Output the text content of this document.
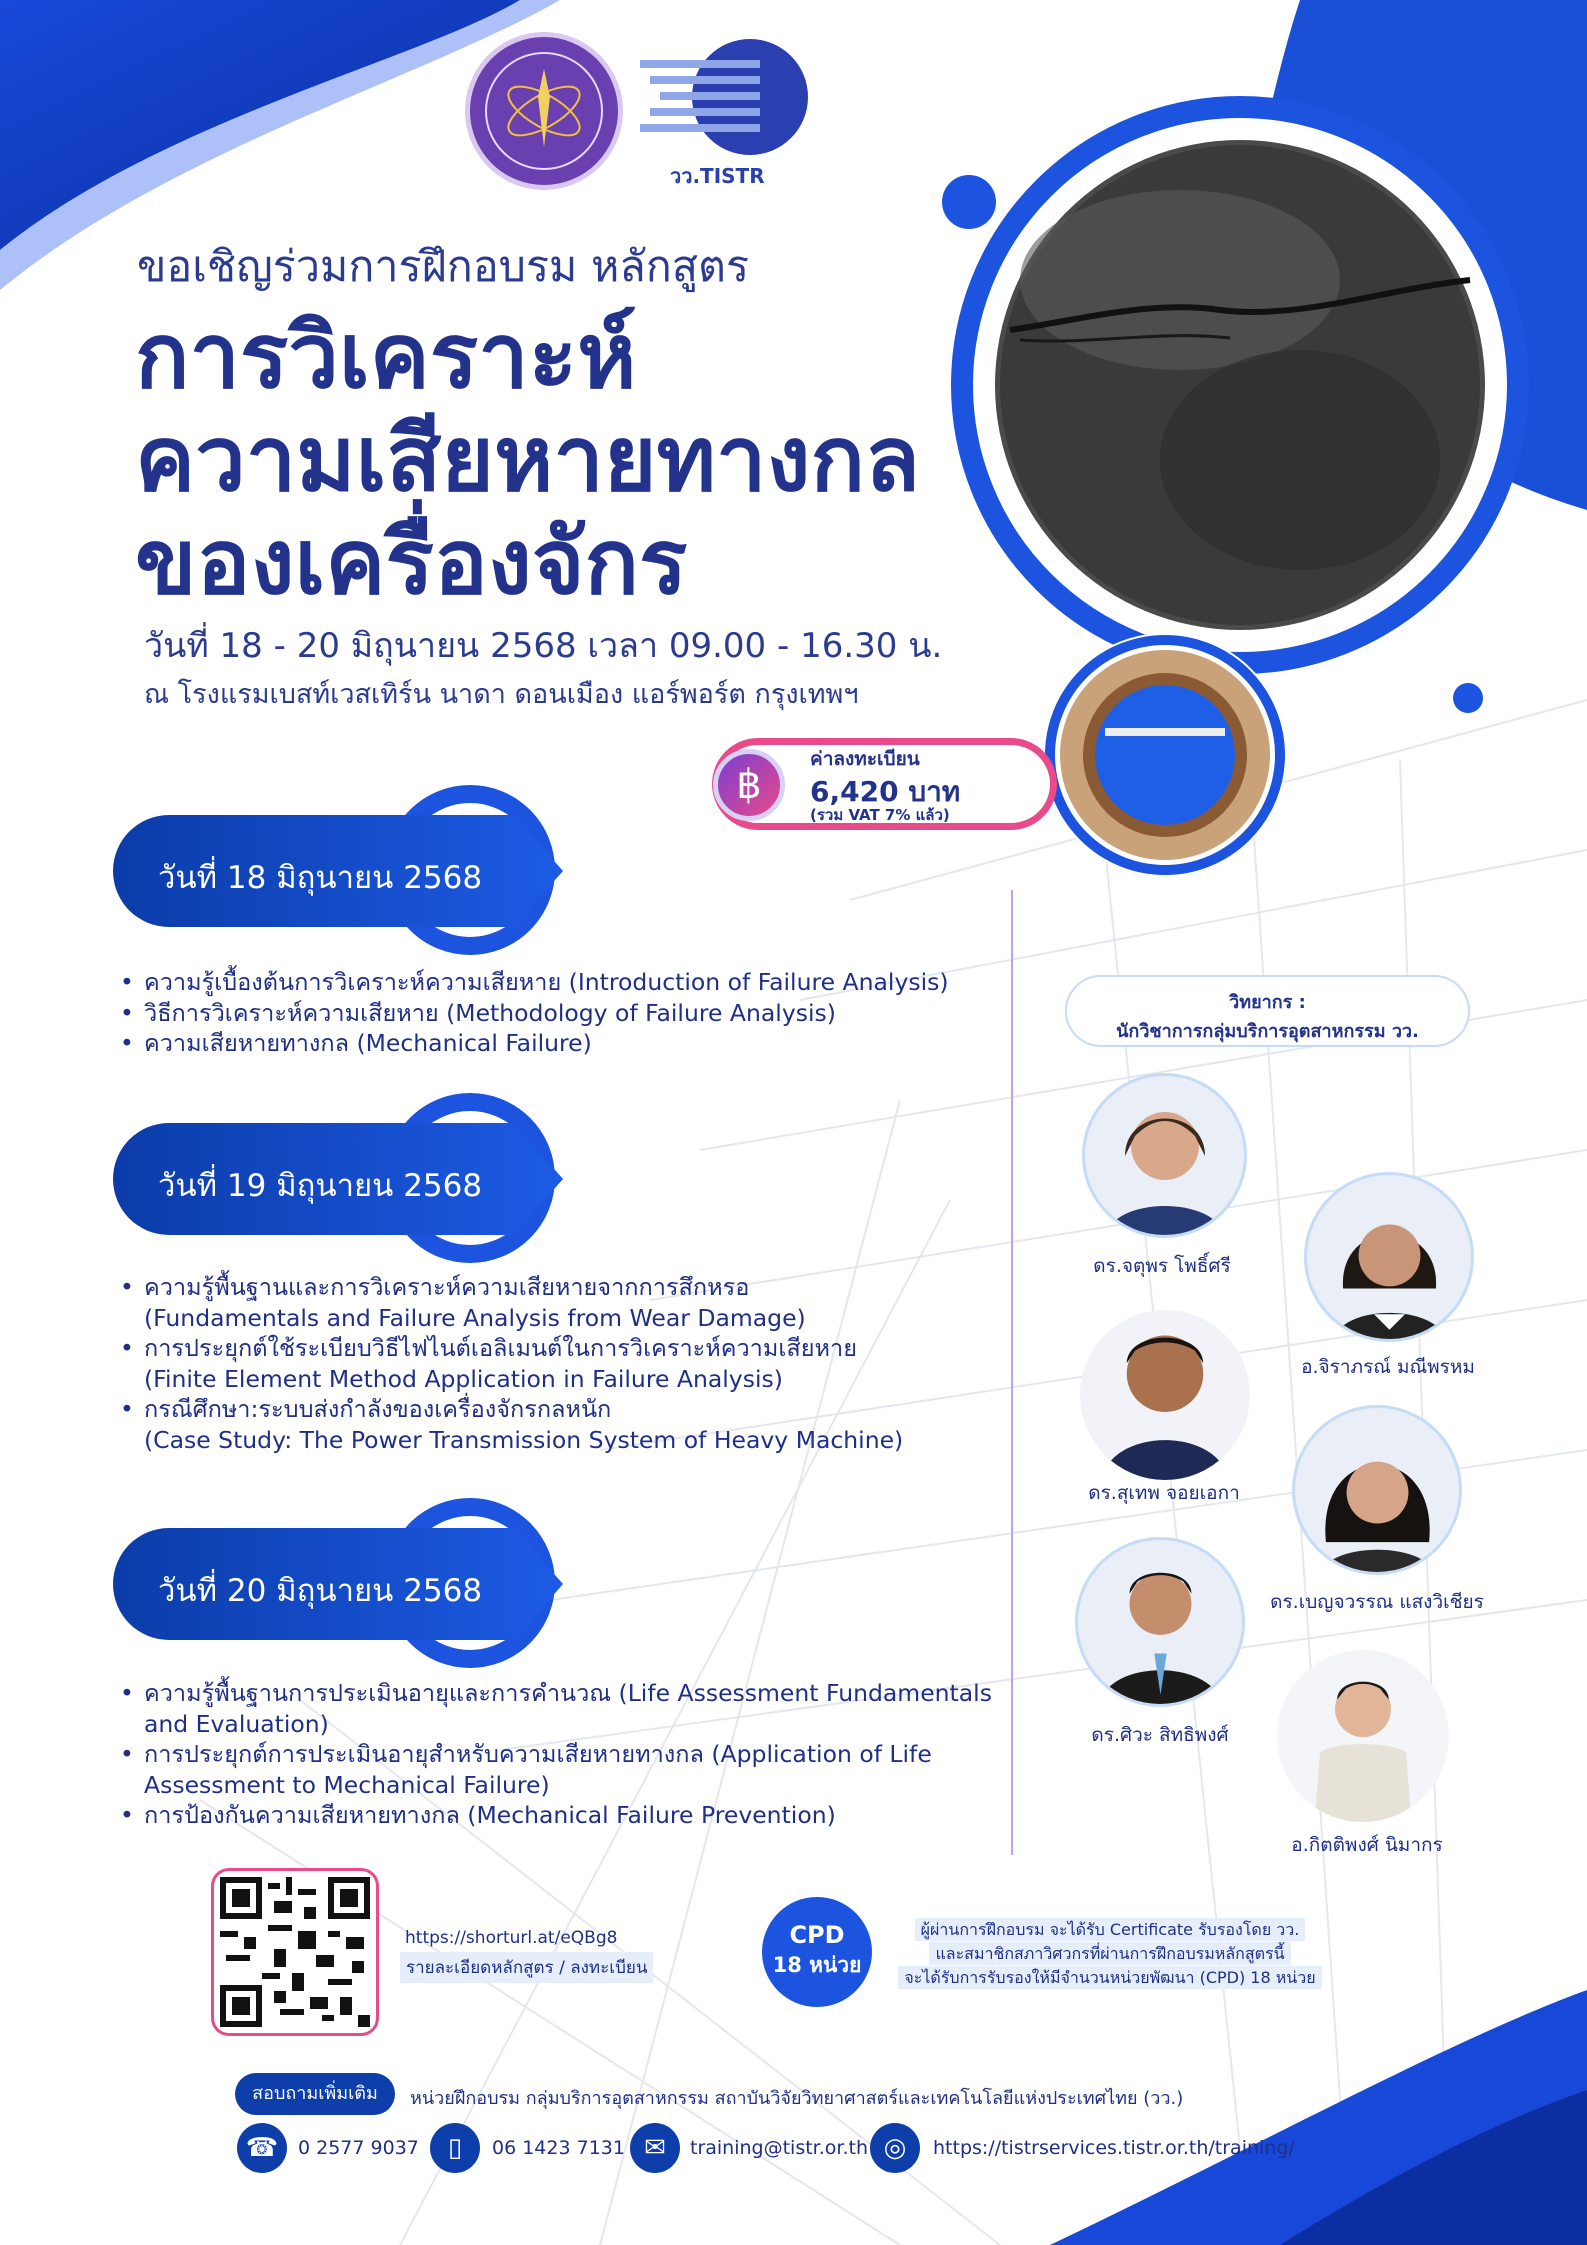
วว.TISTR
ขอเชิญร่วมการฝึกอบรม หลักสูตร
การวิเคราะห์
ความเสียหายทางกล
ของเครื่องจักร
วันที่ 18 - 20 มิถุนายน 2568 เวลา 09.00 - 16.30 น.
ณ โรงแรมเบสท์เวสเทิร์น นาดา ดอนเมือง แอร์พอร์ต กรุงเทพฯ
฿
ค่าลงทะเบียน
6,420 บาท
(รวม VAT 7% แล้ว)
วันที่ 18 มิถุนายน 2568
• ความรู้เบื้องต้นการวิเคราะห์ความเสียหาย (Introduction of Failure Analysis)
• วิธีการวิเคราะห์ความเสียหาย (Methodology of Failure Analysis)
• ความเสียหายทางกล (Mechanical Failure)
วันที่ 19 มิถุนายน 2568
• ความรู้พื้นฐานและการวิเคราะห์ความเสียหายจากการสึกหรอ
(Fundamentals and Failure Analysis from Wear Damage)
• การประยุกต์ใช้ระเบียบวิธีไฟไนต์เอลิเมนต์ในการวิเคราะห์ความเสียหาย
(Finite Element Method Application in Failure Analysis)
• กรณีศึกษา:ระบบส่งกำลังของเครื่องจักรกลหนัก
(Case Study: The Power Transmission System of Heavy Machine)
วันที่ 20 มิถุนายน 2568
• ความรู้พื้นฐานการประเมินอายุและการคำนวณ (Life Assessment Fundamentals
and Evaluation)
• การประยุกต์การประเมินอายุสำหรับความเสียหายทางกล (Application of Life
Assessment to Mechanical Failure)
• การป้องกันความเสียหายทางกล (Mechanical Failure Prevention)
วิทยากร :
นักวิชาการกลุ่มบริการอุตสาหกรรม วว.
ดร.จตุพร โพธิ์ศรี
อ.จิราภรณ์ มณีพรหม
ดร.สุเทพ จอยเอกา
ดร.เบญจวรรณ แสงวิเชียร
ดร.ศิวะ สิทธิพงศ์
อ.กิตติพงศ์ นิมากร
https://shorturl.at/eQBg8
รายละเอียดหลักสูตร / ลงทะเบียน
CPD
18 หน่วย
ผู้ผ่านการฝึกอบรม จะได้รับ Certificate รับรองโดย วว.
และสมาชิกสภาวิศวกรที่ผ่านการฝึกอบรมหลักสูตรนี้
จะได้รับการรับรองให้มีจำนวนหน่วยพัฒนา (CPD) 18 หน่วย
สอบถามเพิ่มเติม	หน่วยฝึกอบรม กลุ่มบริการอุตสาหกรรม สถาบันวิจัยวิทยาศาสตร์และเทคโนโลยีแห่งประเทศไทย (วว.)
☎	0 2577 9037	▯	06 1423 7131 ✉	training@tistr.or.th ◎	https://tistrservices.tistr.or.th/training/
